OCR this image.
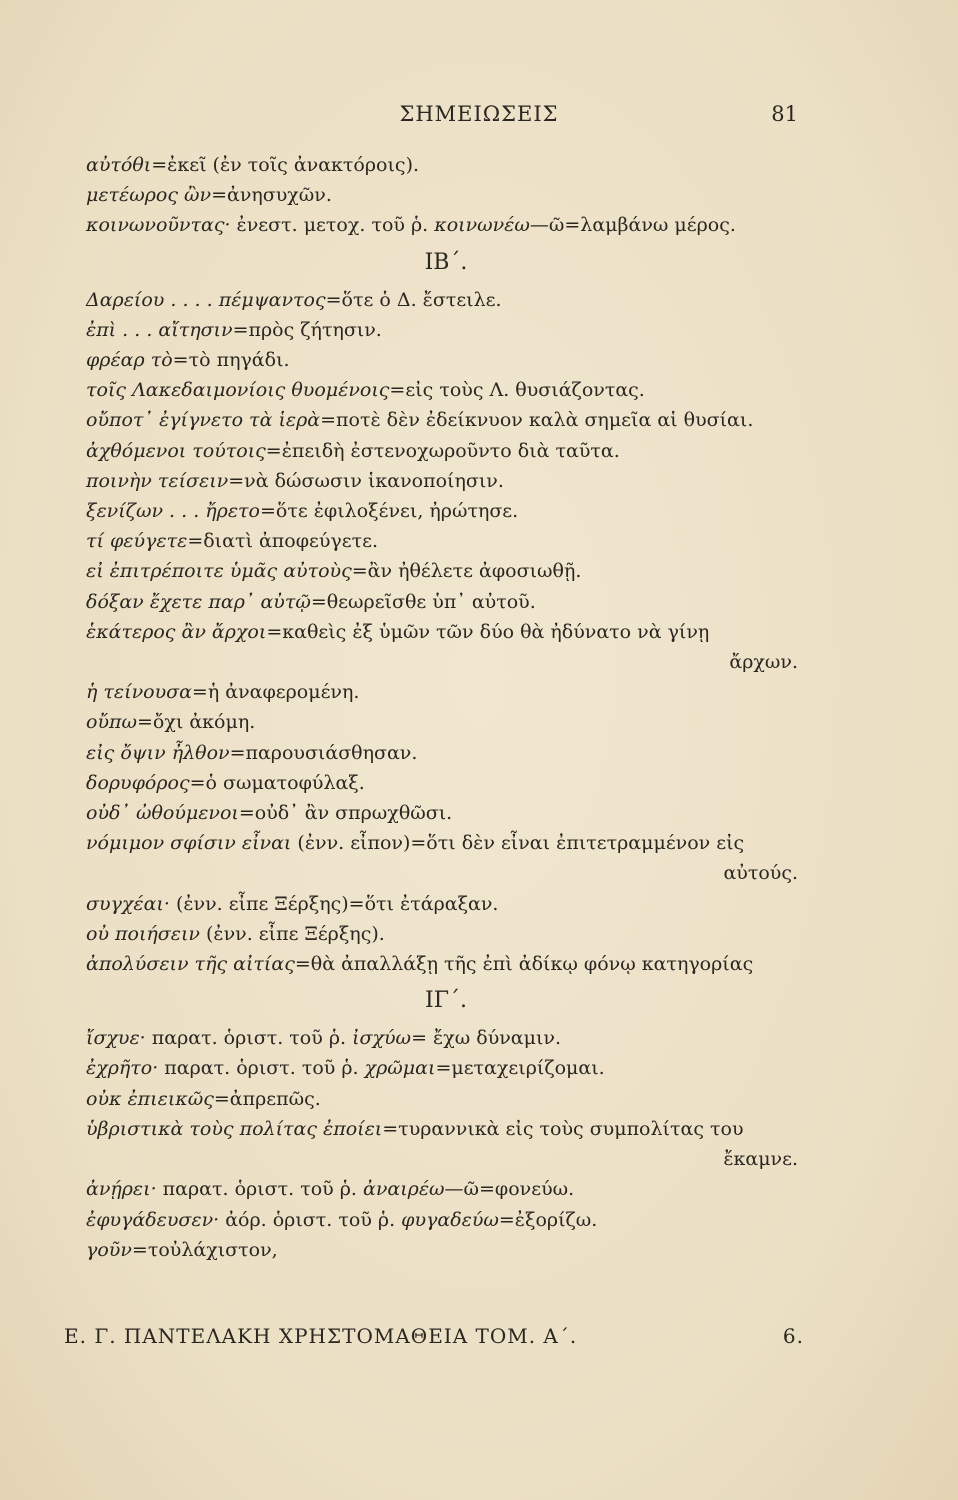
ΣΗΜΕΙΩΣΕΙΣ	81
αὐτόθι=ἐκεῖ (ἐν τοῖς ἀνακτόροις).
μετέωρος ὢν=ἀνησυχῶν.
κοινωνοῦντας· ἐνεστ. μετοχ. τοῦ ῥ. κοινωνέω—ῶ=λαμβάνω μέρος.
ΙΒ΄.
Δαρείου . . . . πέμψαντος=ὅτε ὁ Δ. ἔστειλε.
ἐπὶ . . . αἴτησιν=πρὸς ζήτησιν.
φρέαρ τὸ=τὸ πηγάδι.
τοῖς Λακεδαιμονίοις θυομένοις=εἰς τοὺς Λ. θυσιάζοντας.
οὔποτ᾽ ἐγίγνετο τὰ ἱερὰ=ποτὲ δὲν ἐδείκνυον καλὰ σημεῖα αἱ θυσίαι.
ἀχθόμενοι τούτοις=ἐπειδὴ ἐστενοχωροῦντο διὰ ταῦτα.
ποινὴν τείσειν=νὰ δώσωσιν ἱκανοποίησιν.
ξενίζων . . . ἤρετο=ὅτε ἐφιλοξένει, ἠρώτησε.
τί φεύγετε=διατὶ ἀποφεύγετε.
εἰ ἐπιτρέποιτε ὑμᾶς αὐτοὺς=ἂν ἠθέλετε ἀφοσιωθῇ.
δόξαν ἔχετε παρ᾽ αὐτῷ=θεωρεῖσθε ὑπ᾽ αὐτοῦ.
ἑκάτερος ἂν ἄρχοι=καθεὶς ἐξ ὑμῶν τῶν δύο θὰ ἠδύνατο νὰ γίνῃ
ἄρχων.
ἡ τείνουσα=ἡ ἀναφερομένη.
οὔπω=ὄχι ἀκόμη.
εἰς ὄψιν ἦλθον=παρουσιάσθησαν.
δορυφόρος=ὁ σωματοφύλαξ.
οὐδ᾽ ὠθούμενοι=οὐδ᾽ ἂν σπρωχθῶσι.
νόμιμον σφίσιν εἶναι (ἐνν. εἶπον)=ὅτι δὲν εἶναι ἐπιτετραμμένον εἰς
αὐτούς.
συγχέαι· (ἐνν. εἶπε Ξέρξης)=ὅτι ἐτάραξαν.
οὐ ποιήσειν (ἐνν. εἶπε Ξέρξης).
ἀπολύσειν τῆς αἰτίας=θὰ ἀπαλλάξῃ τῆς ἐπὶ ἀδίκῳ φόνῳ κατηγορίας
ΙΓ΄.
ἴσχυε· παρατ. ὁριστ. τοῦ ῥ. ἰσχύω= ἔχω δύναμιν.
ἐχρῆτο· παρατ. ὁριστ. τοῦ ῥ. χρῶμαι=μεταχειρίζομαι.
οὐκ ἐπιεικῶς=ἀπρεπῶς.
ὑβριστικὰ τοὺς πολίτας ἐποίει=τυραννικὰ εἰς τοὺς συμπολίτας του
ἔκαμνε.
ἀνῄρει· παρατ. ὁριστ. τοῦ ῥ. ἀναιρέω—ῶ=φονεύω.
ἐφυγάδευσεν· ἀόρ. ὁριστ. τοῦ ῥ. φυγαδεύω=ἐξορίζω.
γοῦν=τοὐλάχιστον,
Ε. Γ. ΠΑΝΤΕΛΑΚΗ ΧΡΗΣΤΟΜΑΘΕΙΑ ΤΟΜ. Α΄.	6.
